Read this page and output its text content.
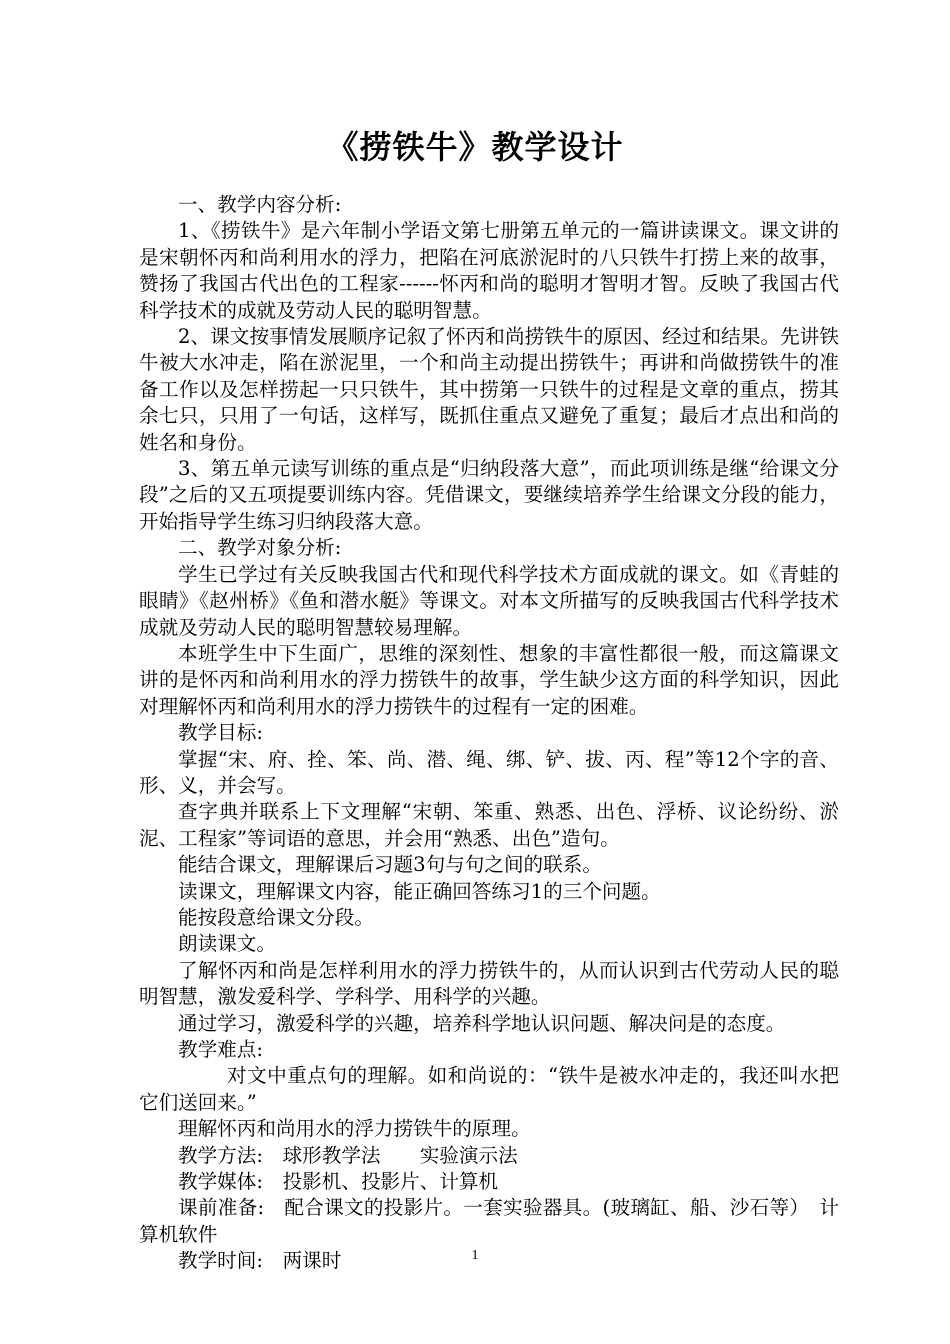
《捞铁牛》教学设计

一、教学内容分析:

1、《捞铁牛》是六年制小学语文第七册第五单元的一篇讲读课文。课文讲的是宋朝怀丙和尚利用水的浮力，把陷在河底淤泥时的八只铁牛打捞上来的故事，赞扬了我国古代出色的工程家------怀丙和尚的聪明才智明才智。反映了我国古代科学技术的成就及劳动人民的聪明智慧。

2、课文按事情发展顺序记叙了怀丙和尚捞铁牛的原因、经过和结果。先讲铁牛被大水冲走，陷在淤泥里，一个和尚主动提出捞铁牛；再讲和尚做捞铁牛的准备工作以及怎样捞起一只只铁牛，其中捞第一只铁牛的过程是文章的重点，捞其余七只，只用了一句话，这样写，既抓住重点又避免了重复；最后才点出和尚的姓名和身份。

3、第五单元读写训练的重点是“归纳段落大意”，而此项训练是继“给课文分段”之后的又五项提要训练内容。凭借课文，要继续培养学生给课文分段的能力，开始指导学生练习归纳段落大意。

二、教学对象分析:

学生已学过有关反映我国古代和现代科学技术方面成就的课文。如《青蛙的眼睛》《赵州桥》《鱼和潜水艇》等课文。对本文所描写的反映我国古代科学技术成就及劳动人民的聪明智慧较易理解。

本班学生中下生面广，思维的深刻性、想象的丰富性都很一般，而这篇课文讲的是怀丙和尚利用水的浮力捞铁牛的故事，学生缺少这方面的科学知识，因此对理解怀丙和尚利用水的浮力捞铁牛的过程有一定的困难。

教学目标:

掌握“宋、府、拴、笨、尚、潜、绳、绑、铲、拔、丙、程”等12个字的音、形、义，并会写。

查字典并联系上下文理解“宋朝、笨重、熟悉、出色、浮桥、议论纷纷、淤泥、工程家”等词语的意思，并会用“熟悉、出色”造句。

能结合课文，理解课后习题3句与句之间的联系。

读课文，理解课文内容，能正确回答练习1的三个问题。

能按段意给课文分段。

朗读课文。

了解怀丙和尚是怎样利用水的浮力捞铁牛的，从而认识到古代劳动人民的聪明智慧，激发爱科学、学科学、用科学的兴趣。

通过学习，激爱科学的兴趣，培养科学地认识问题、解决问是的态度。

教学难点:

对文中重点句的理解。如和尚说的：“铁牛是被水冲走的，我还叫水把它们送回来。”

理解怀丙和尚用水的浮力捞铁牛的原理。

教学方法:　球形教学法　　实验演示法

教学媒体:　投影机、投影片、计算机

课前准备:　配合课文的投影片。一套实验器具。(玻璃缸、船、沙石等）　计算机软件

教学时间:　两课时	1
